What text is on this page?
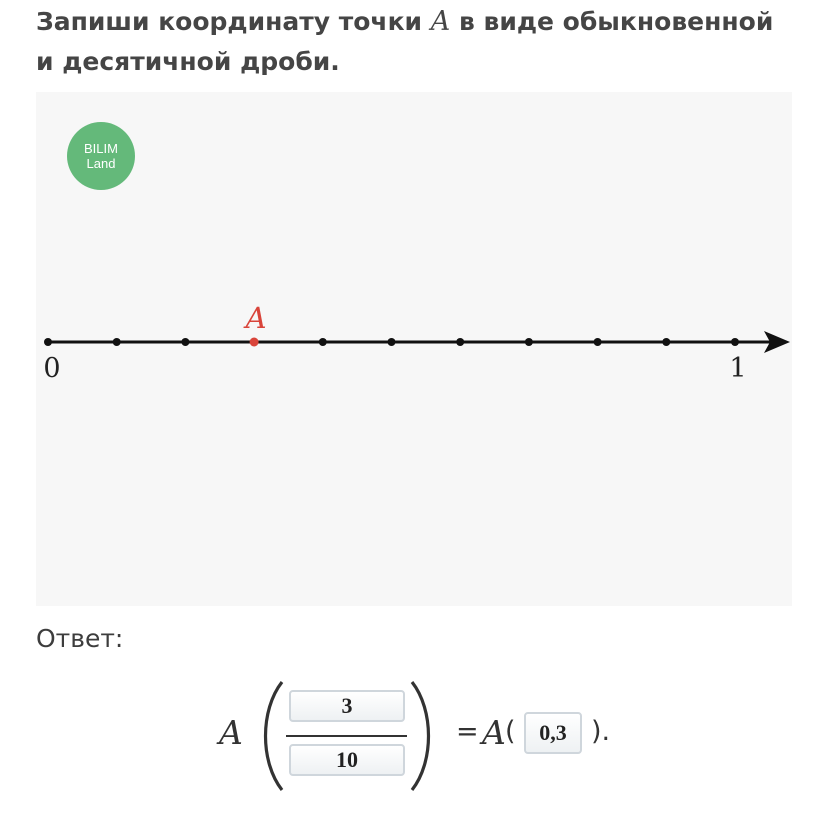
Запиши координату точки A в виде обыкновенной и десятичной дроби.
0	1
A
BILIM
Land
Ответ:
A
3
10	= A (
0,3	).
